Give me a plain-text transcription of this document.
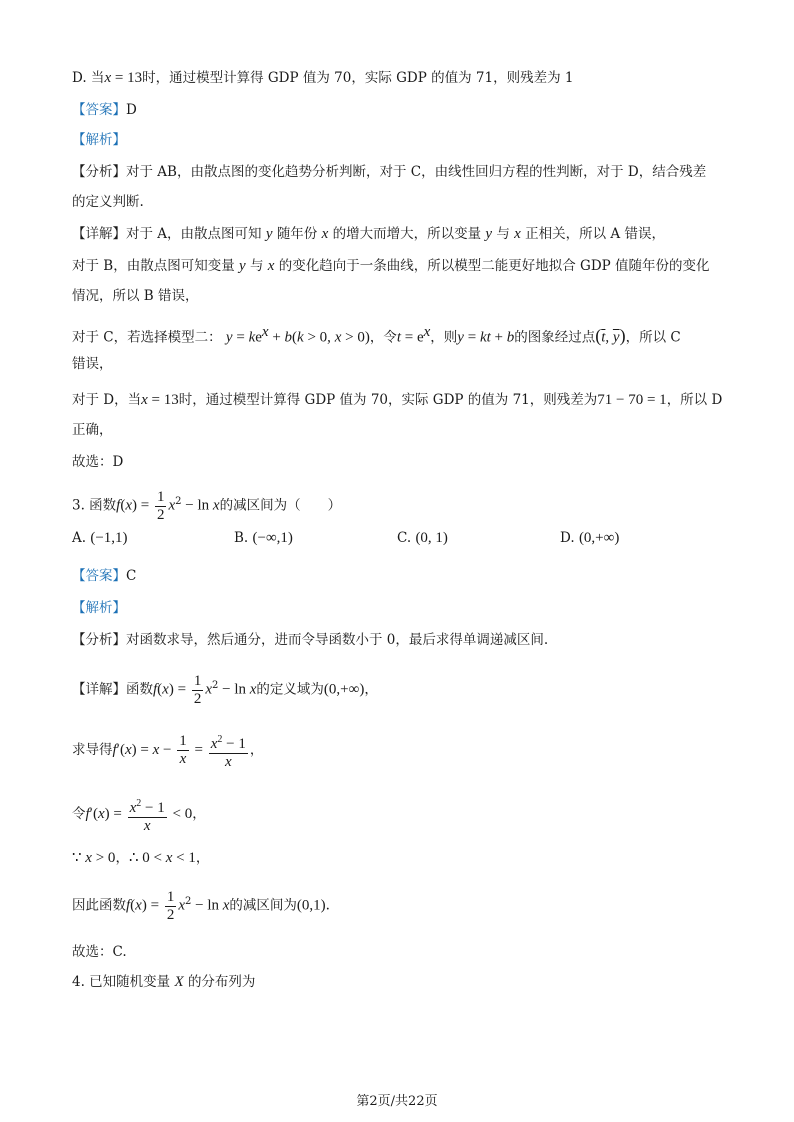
D. 当x = 13时，通过模型计算得 GDP 值为 70，实际 GDP 的值为 71，则残差为 1
【答案】D
【解析】
【分析】对于 AB，由散点图的变化趋势分析判断，对于 C，由线性回归方程的性判断，对于 D，结合残差
的定义判断.
【详解】对于 A，由散点图可知 y 随年份 x 的增大而增大，所以变量 y 与 x 正相关，所以 A 错误，
对于 B，由散点图可知变量 y 与 x 的变化趋向于一条曲线，所以模型二能更好地拟合 GDP 值随年份的变化
情况，所以 B 错误，
对于 C，若选择模型二： $y = ke^x + b(k > 0$, x > 0)，令$t = e^x$，则y = kt + b的图象经过点($\overline{t}$, $\overline{y}$)，所以 C
错误，
对于 D，当x = 13时，通过模型计算得 GDP 值为 70，实际 GDP 的值为 71，则残差为71 − 70 = 1，所以 D
正确，
故选：D
3. 函数$f(x) = \frac{1}{2} x^2 - \ln x$的减区间为（　　）
A. (−1,1)	B. (−∞,1)	C. (0, 1)	D. (0,+∞)
【答案】C
【解析】
【分析】对函数求导，然后通分，进而令导函数小于 0，最后求得单调递减区间.
【详解】函数$f(x) = \frac{1}{2} x^2 - \ln x$的定义域为(0,+∞)，
求导得$f'(x) = x - \frac{1}{x} = \frac{x^2 - 1}{x}$ ，
令$f'(x) = \frac{x^2 - 1}{x} < 0$，
∵ x > 0，∴ 0 < x < 1，
因此函数$f(x) = \frac{1}{2} x^2 - \ln x$的减区间为(0,1).
故选：C.
4. 已知随机变量 X 的分布列为
第2页/共22页
